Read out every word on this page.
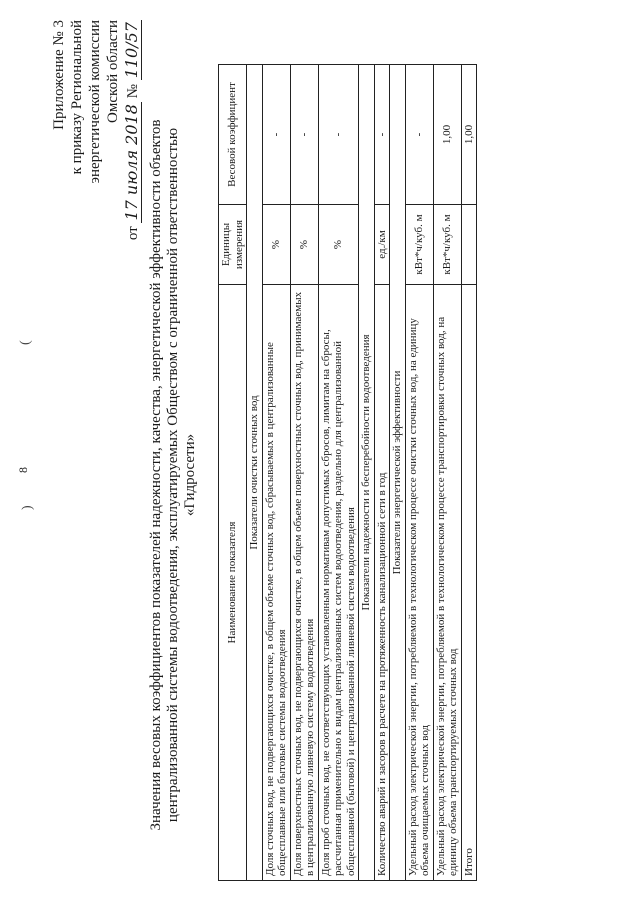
8
)
(
Приложение № 3 к приказу Региональной энергетической комиссии Омской области
от 17 июля 2018 № 110/57
Значения весовых коэффициентов показателей надежности, качества, энергетической эффективности объектов централизованной системы водоотведения, эксплуатируемых Обществом с ограниченной ответственностью «Гидросети»
Наименование показателя	Единицы измерения	Весовой коэффициент
Показатели очистки сточных вод		
Доля сточных вод, не подвергающихся очистке, в общем объеме сточных вод, сбрасываемых в централизованные общесплавные или бытовые системы водоотведения	%	-
Доля поверхностных сточных вод, не подвергающихся очистке, в общем объеме поверхностных сточных вод, принимаемых в централизованную ливневую систему водоотведения	%	-
Доля проб сточных вод, не соответствующих установленным нормативам допустимых сбросов, лимитам на сбросы, рассчитанная применительно к видам централизованных систем водоотведения, раздельно для централизованной общесплавной (бытовой) и централизованной ливневой систем водоотведения	%	-
Показатели надежности и бесперебойности водоотведения		
Количество аварий и засоров в расчете на протяженность канализационной сети в год	ед./км	-
Показатели энергетической эффективности		
Удельный расход электрической энергии, потребляемой в технологическом процессе очистки сточных вод, на единицу объема очищаемых сточных вод	кВт*ч/куб. м	-
Удельный расход электрической энергии, потребляемой в технологическом процессе транспортировки сточных вод, на единицу объема транспортируемых сточных вод	кВт*ч/куб. м	1,00
Итого		1,00
